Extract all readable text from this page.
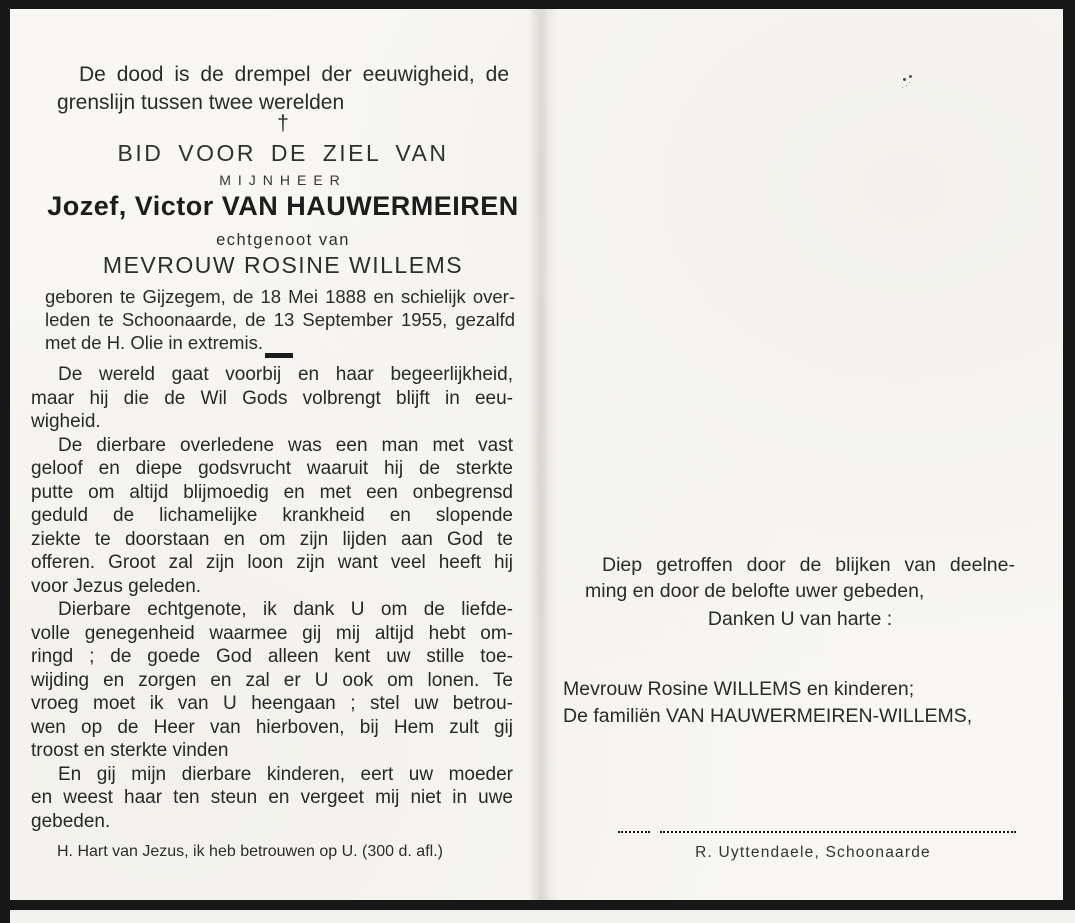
De dood is de drempel der eeuwigheid, de
grenslijn tussen twee werelden
†
BID VOOR DE ZIEL VAN
MIJNHEER
Jozef, Victor VAN HAUWERMEIREN
echtgenoot van
MEVROUW ROSINE WILLEMS
geboren te Gijzegem, de 18 Mei 1888 en schielijk over-
leden te Schoonaarde, de 13 September 1955, gezalfd
met de H. Olie in extremis.
De wereld gaat voorbij en haar begeerlijkheid,
maar hij die de Wil Gods volbrengt blijft in eeu-
wigheid.
De dierbare overledene was een man met vast
geloof en diepe godsvrucht waaruit hij de sterkte
putte om altijd blijmoedig en met een onbegrensd
geduld de lichamelijke krankheid en slopende
ziekte te doorstaan en om zijn lijden aan God te
offeren. Groot zal zijn loon zijn want veel heeft hij
voor Jezus geleden.
Dierbare echtgenote, ik dank U om de liefde-
volle genegenheid waarmee gij mij altijd hebt om-
ringd ; de goede God alleen kent uw stille toe-
wijding en zorgen en zal er U ook om lonen. Te
vroeg moet ik van U heengaan ; stel uw betrou-
wen op de Heer van hierboven, bij Hem zult gij
troost en sterkte vinden
En gij mijn dierbare kinderen, eert uw moeder
en weest haar ten steun en vergeet mij niet in uwe
gebeden.
H. Hart van Jezus, ik heb betrouwen op U. (300 d. afl.)
Diep getroffen door de blijken van deelne-
ming en door de belofte uwer gebeden,
Danken U van harte :
Mevrouw Rosine WILLEMS en kinderen;
De familiën VAN HAUWERMEIREN-WILLEMS,
R. Uyttendaele, Schoonaarde
